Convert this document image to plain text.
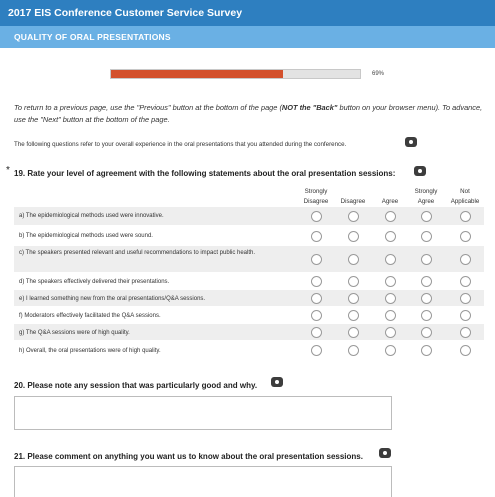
2017 EIS Conference Customer Service Survey
QUALITY OF ORAL PRESENTATIONS
69%
To return to a previous page, use the "Previous" button at the bottom of the page (NOT the "Back" button on your browser menu). To advance, use the "Next" button at the bottom of the page.
The following questions refer to your overall experience in the oral presentations that you attended during the conference.
* 19. Rate your level of agreement with the following statements about the oral presentation sessions:
Strongly
Disagree
	Disagree
	Agree
Strongly
Agree
Not
Applicable
a) The epidemiological methods used were innovative.
b) The epidemiological methods used were sound.
c) The speakers presented relevant and useful recommendations to impact public health.
d) The speakers effectively delivered their presentations.
e) I learned something new from the oral presentations/Q&A sessions.
f) Moderators effectively facilitated the Q&A sessions.
g) The Q&A sessions were of high quality.
h) Overall, the oral presentations were of high quality.
20. Please note any session that was particularly good and why.
21. Please comment on anything you want us to know about the oral presentation sessions.
